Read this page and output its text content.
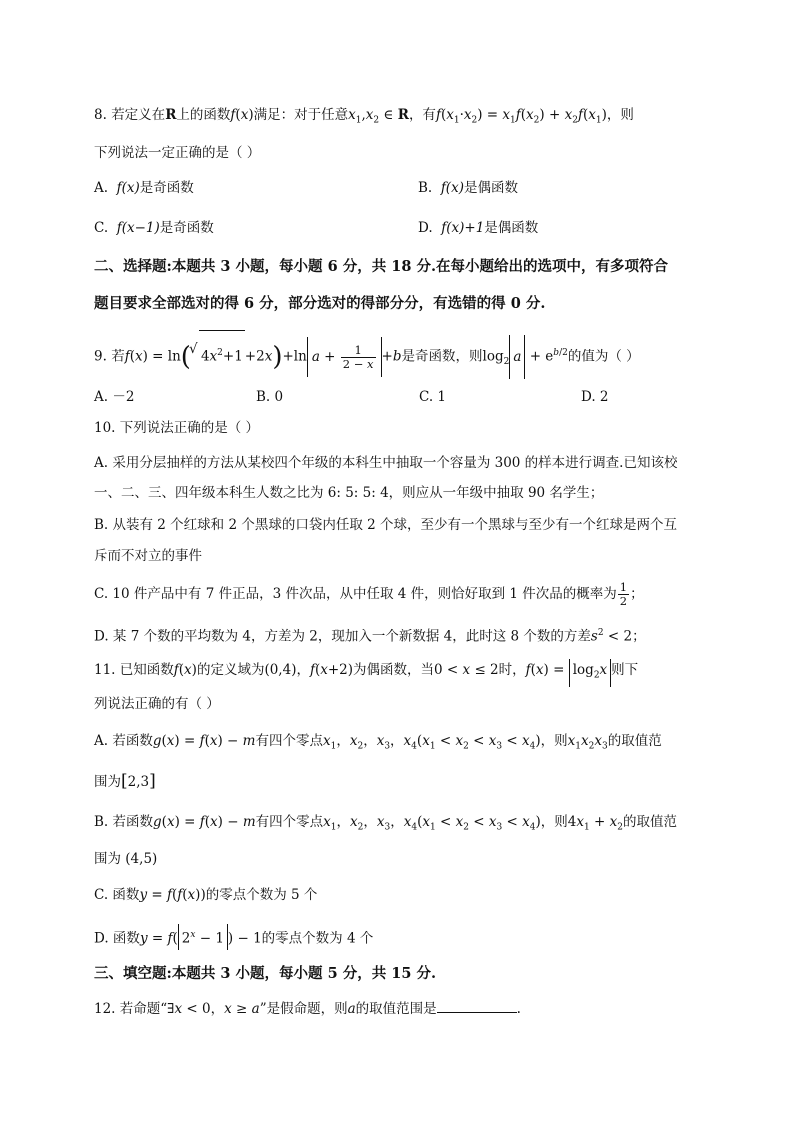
8. 若定义在R上的函数f(x)满足：对于任意$x_1,x_2$ ∈ R，有$f(x_1\cdot x_2) = x_1f(x_2) + x_2f(x_1)$，则
下列说法一定正确的是（ ）
A. f(x)是奇函数	B. f(x)是偶函数
C. f(x−1)是奇函数	D. f(x)+1是偶函数
二、选择题:本题共 3 小题，每小题 6 分，共 18 分.在每小题给出的选项中，有多项符合
题目要求全部选对的得 6 分，部分选对的得部分分，有选错的得 0 分.
9. 若f(x) = ln(√ $4x^2+1 +2x)+\ln$ $a + \frac{1}{2 - x} +b$是奇函数，则$\log_2 a + e^{b/2}$的值为（ ）
A. －2	B. 0	C. 1	D. 2
10. 下列说法正确的是（ ）
A. 采用分层抽样的方法从某校四个年级的本科生中抽取一个容量为 300 的样本进行调查.已知该校
一、二、三、四年级本科生人数之比为 6: 5: 5: 4，则应从一年级中抽取 90 名学生；
B. 从装有 2 个红球和 2 个黑球的口袋内任取 2 个球，至少有一个黑球与至少有一个红球是两个互
斥而不对立的事件
C. 10 件产品中有 7 件正品，3 件次品，从中任取 4 件，则恰好取到 1 件次品的概率为 $\frac{1}{2}$ ；
D. 某 7 个数的平均数为 4，方差为 2，现加入一个新数据 4，此时这 8 个数的方差$s^2 < 2$；
11. 已知函数f(x)的定义域为(0,4)，f(x+2)为偶函数，当0 < x ≤ 2时，$f(x) = \log_2x$ 则下
列说法正确的有（ ）
A. 若函数g(x) = f(x) − m有四个零点$x_1$，$x_2$，$x_3$，$x_4(x_1 < x_2 < x_3 < x_4)$，则$x_1x_2x_3$的取值范
围为[2,3]
B. 若函数g(x) = f(x) − m有四个零点$x_1$，$x_2$，$x_3$，$x_4(x_1 < x_2 < x_3 < x_4)$，则$4x_1 + x_2$的取值范
围为 (4,5)
C. 函数y = f(f(x))的零点个数为 5 个
D. 函数y = f( $2^x - 1$ ) − 1的零点个数为 4 个
三、填空题:本题共 3 小题，每小题 5 分，共 15 分.
12. 若命题“∃x < 0，x ≥ a”是假命题，则a的取值范围是	.
